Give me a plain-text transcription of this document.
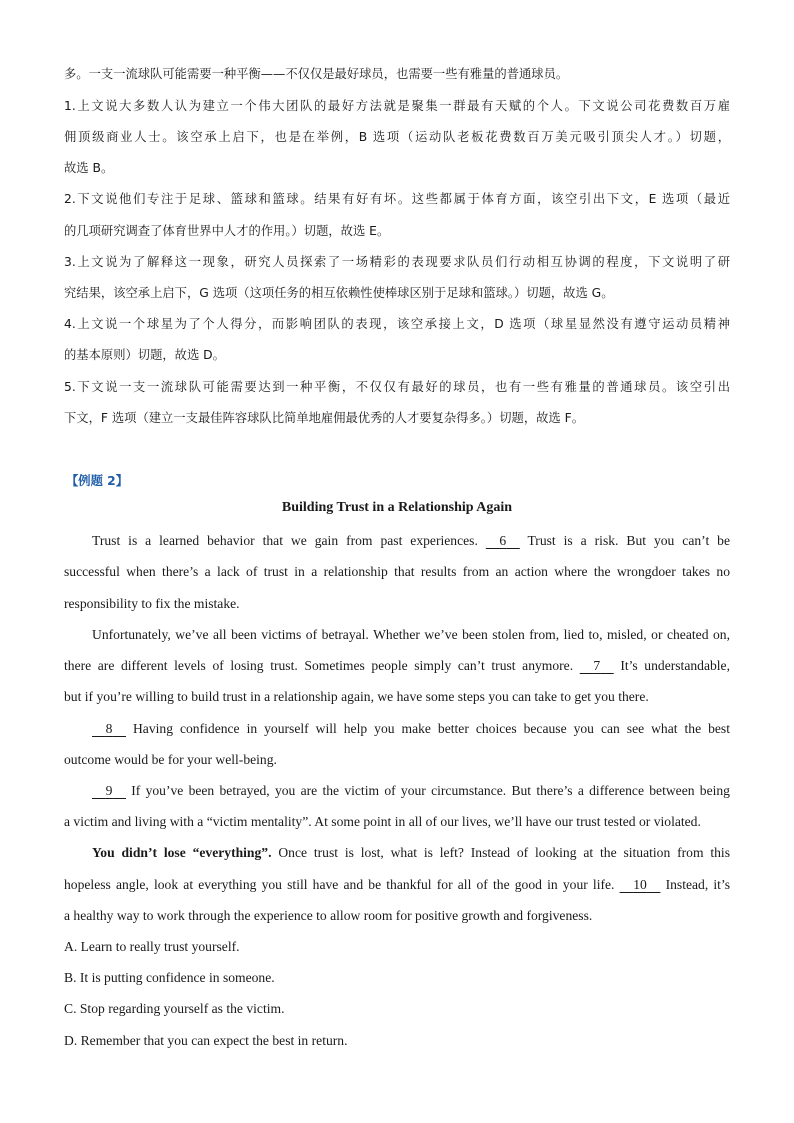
多。一支一流球队可能需要一种平衡——不仅仅是最好球员，也需要一些有雅量的普通球员。
1.上文说大多数人认为建立一个伟大团队的最好方法就是聚集一群最有天赋的个人。下文说公司花费数百万雇
佣顶级商业人士。该空承上启下，也是在举例，B 选项（运动队老板花费数百万美元吸引顶尖人才。）切题，
故选 B。
2.下文说他们专注于足球、篮球和篮球。结果有好有坏。这些都属于体育方面，该空引出下文，E 选项（最近
的几项研究调查了体育世界中人才的作用。）切题，故选 E。
3.上文说为了解释这一现象，研究人员探索了一场精彩的表现要求队员们行动相互协调的程度，下文说明了研
究结果，该空承上启下，G 选项（这项任务的相互依赖性使棒球区别于足球和篮球。）切题，故选 G。
4.上文说一个球星为了个人得分，而影响团队的表现，该空承接上文，D 选项（球星显然没有遵守运动员精神
的基本原则）切题，故选 D。
5.下文说一支一流球队可能需要达到一种平衡，不仅仅有最好的球员，也有一些有雅量的普通球员。该空引出
下文，F 选项（建立一支最佳阵容球队比简单地雇佣最优秀的人才要复杂得多。）切题，故选 F。
【例题 2】
Building Trust in a Relationship Again
Trust is a learned behavior that we gain from past experiences. 6 Trust is a risk. But you can’t be
successful when there’s a lack of trust in a relationship that results from an action where the wrongdoer takes no
responsibility to fix the mistake.
Unfortunately, we’ve all been victims of betrayal. Whether we’ve been stolen from, lied to, misled, or cheated on,
there are different levels of losing trust. Sometimes people simply can’t trust anymore. 7 It’s understandable,
but if you’re willing to build trust in a relationship again, we have some steps you can take to get you there.
8 Having confidence in yourself will help you make better choices because you can see what the best
outcome would be for your well-being.
9 If you’ve been betrayed, you are the victim of your circumstance. But there’s a difference between being
a victim and living with a “victim mentality”. At some point in all of our lives, we’ll have our trust tested or violated.
You didn’t lose “everything”. Once trust is lost, what is left? Instead of looking at the situation from this
hopeless angle, look at everything you still have and be thankful for all of the good in your life. 10 Instead, it’s
a healthy way to work through the experience to allow room for positive growth and forgiveness.
A. Learn to really trust yourself.
B. It is putting confidence in someone.
C. Stop regarding yourself as the victim.
D. Remember that you can expect the best in return.
